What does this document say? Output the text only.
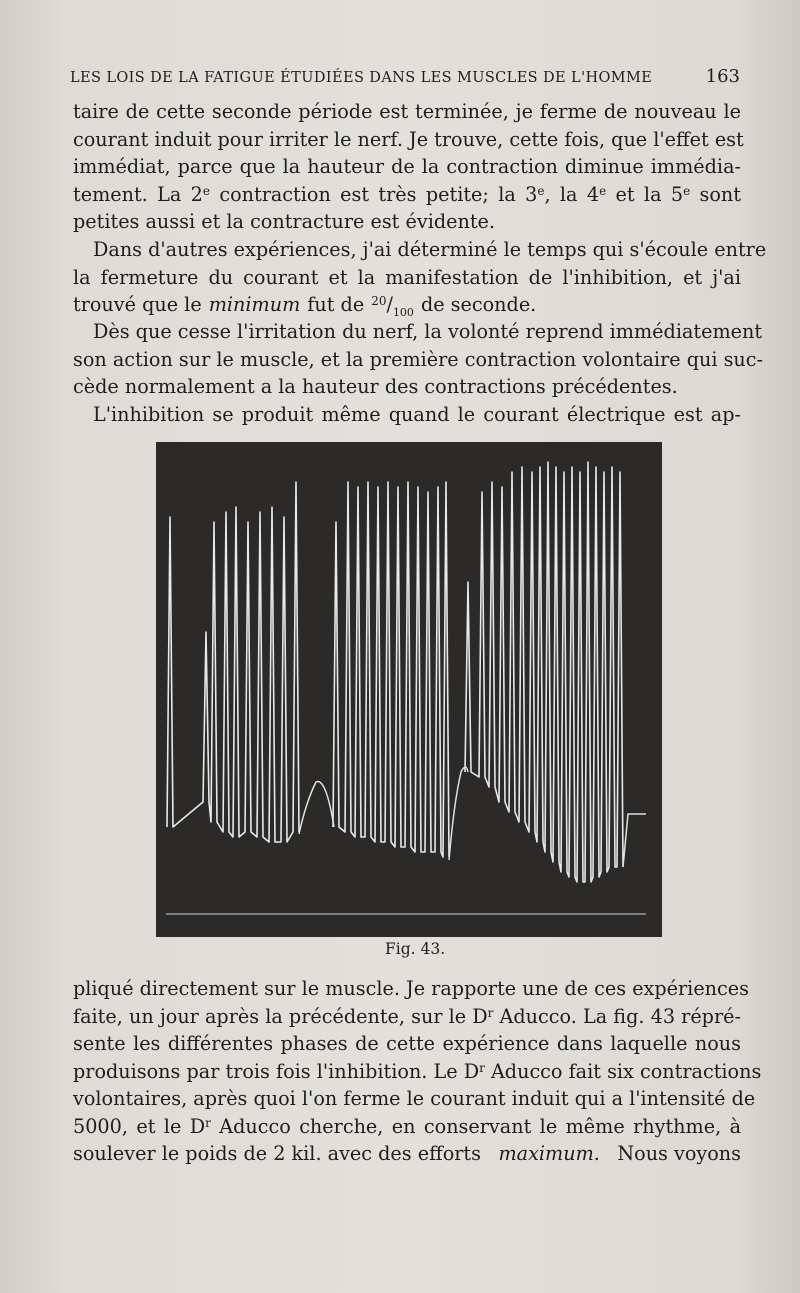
LES LOIS DE LA FATIGUE ÉTUDIÉES DANS LES MUSCLES DE L'HOMME	163
taire de cette seconde période est terminée, je ferme de nouveau le
courant induit pour irriter le nerf. Je trouve, cette fois, que l'effet est
immédiat, parce que la hauteur de la contraction diminue immédia-
tement. La 2e contraction est très petite; la 3e, la 4e et la 5e sont
petites aussi et la contracture est évidente.
Dans d'autres expériences, j'ai déterminé le temps qui s'écoule entre
la fermeture du courant et la manifestation de l'inhibition, et j'ai
trouvé que le minimum fut de $^{20}/_{100}$ de seconde.
Dès que cesse l'irritation du nerf, la volonté reprend immédiatement
son action sur le muscle, et la première contraction volontaire qui suc-
cède normalement a la hauteur des contractions précédentes.
L'inhibition se produit même quand le courant électrique est ap-
Fig. 43.
pliqué directement sur le muscle. Je rapporte une de ces expériences
faite, un jour après la précédente, sur le $D^r$ Aducco. La fig. 43 répré-
sente les différentes phases de cette expérience dans laquelle nous
produisons par trois fois l'inhibition. Le $D^r$ Aducco fait six contractions
volontaires, après quoi l'on ferme le courant induit qui a l'intensité de
5000, et le $D^r$ Aducco cherche, en conservant le même rhythme, à
soulever le poids de 2 kil. avec des efforts maximum. Nous voyons
